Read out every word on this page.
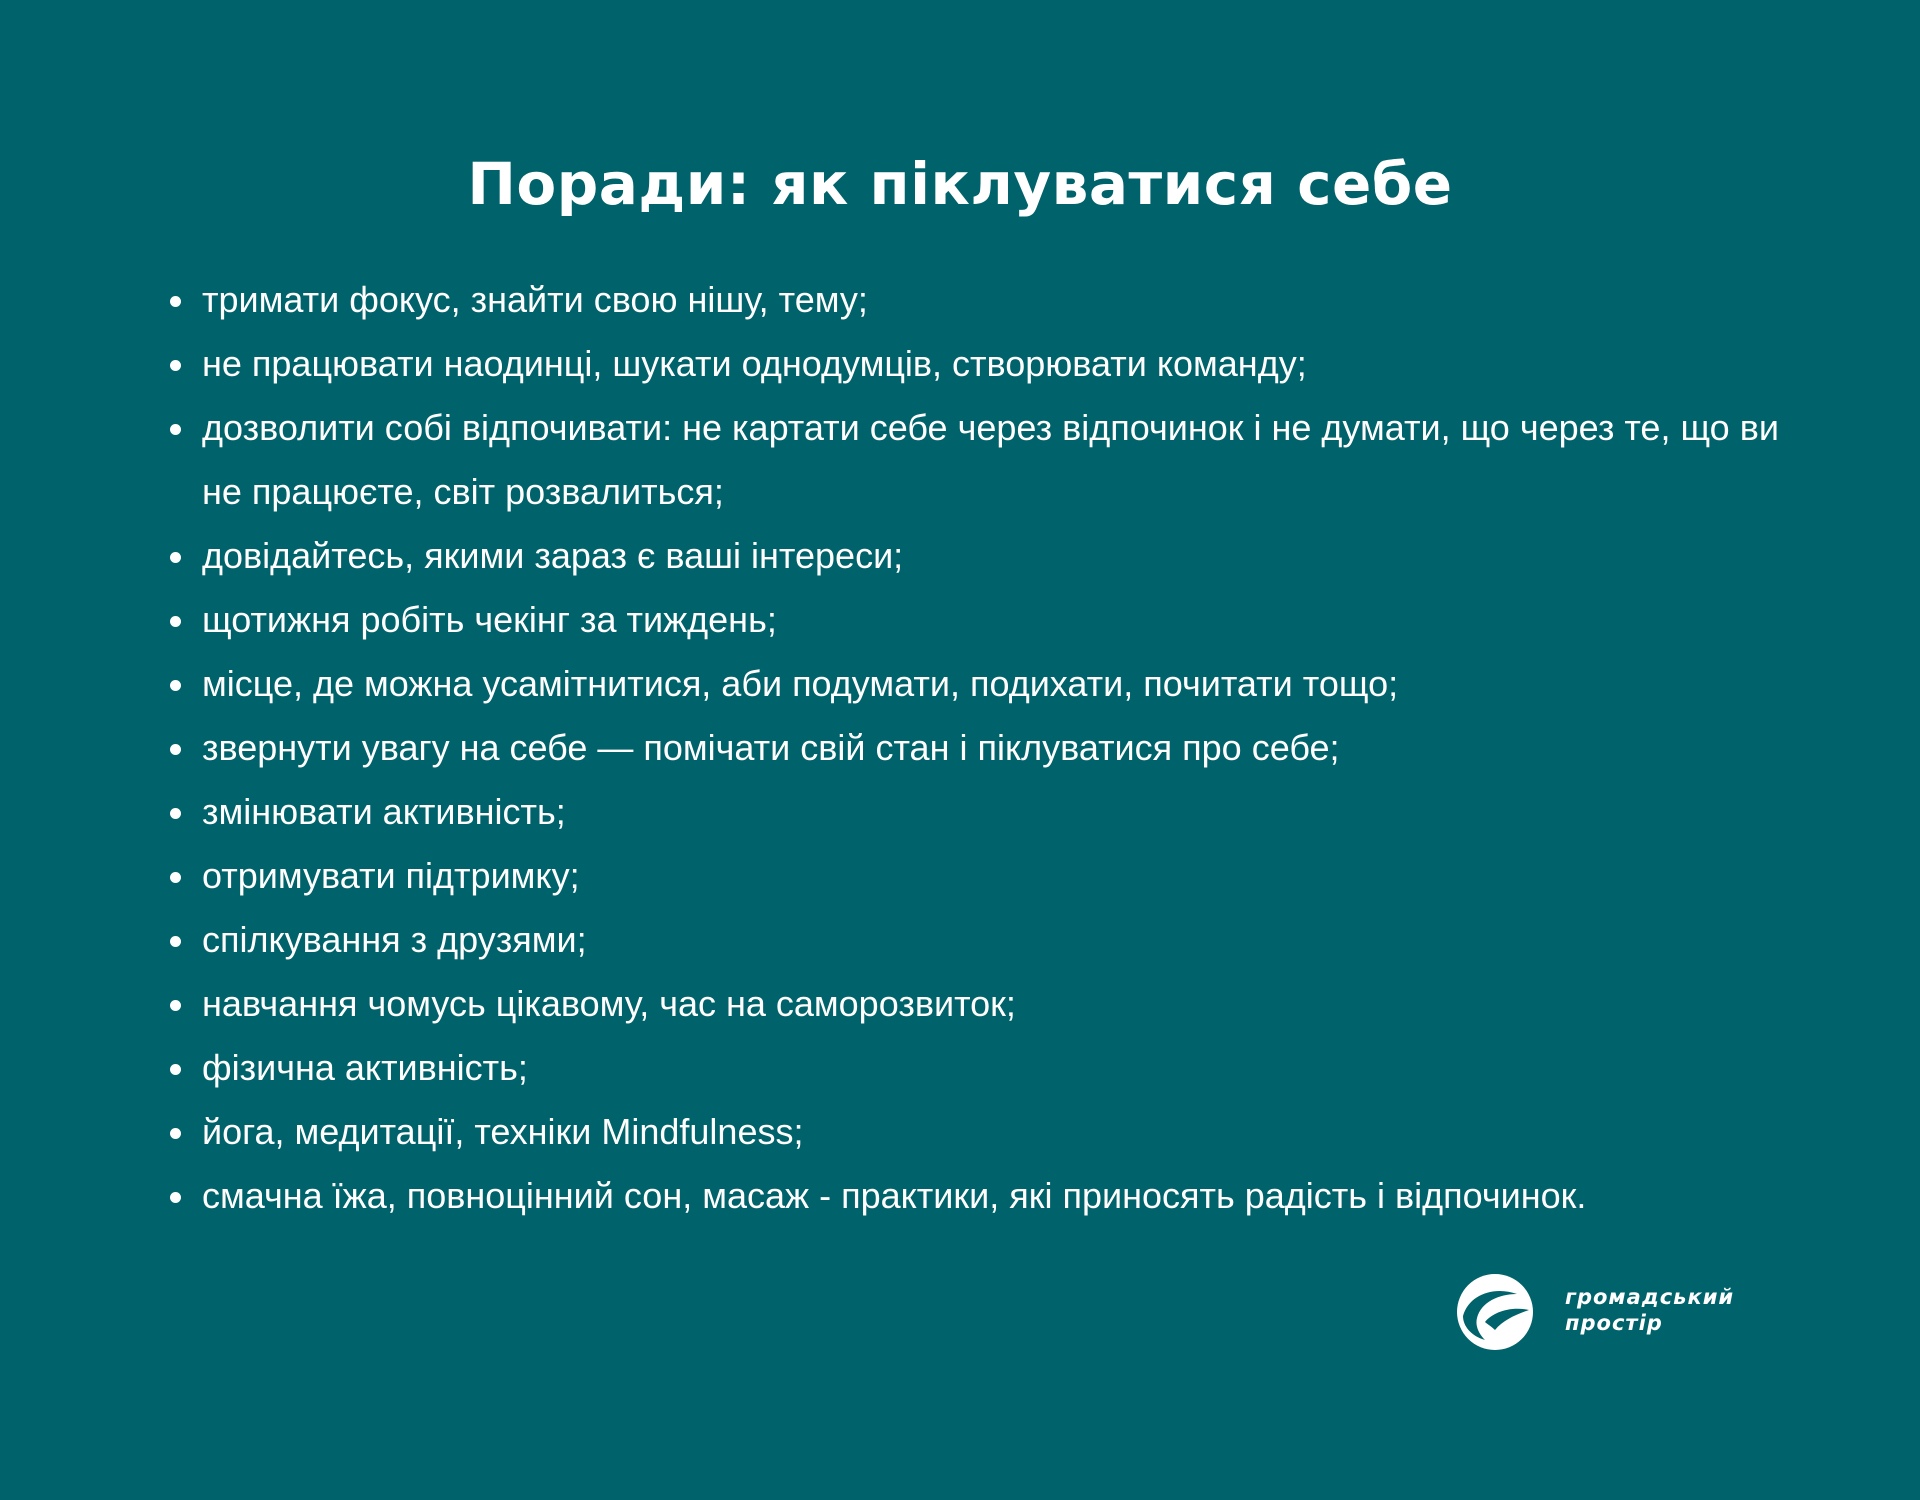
Поради: як піклуватися себе
тримати фокус, знайти свою нішу, тему;
не працювати наодинці, шукати однодумців, створювати команду;
дозволити собі відпочивати: не картати себе через відпочинок і не думати, що через те, що ви не працюєте, світ розвалиться;
довідайтесь, якими зараз є ваші інтереси;
щотижня робіть чекінг за тиждень;
місце, де можна усамітнитися, аби подумати, подихати, почитати тощо;
звернути увагу на себе — помічати свій стан і піклуватися про себе;
змінювати активність;
отримувати підтримку;
спілкування з друзями;
навчання чомусь цікавому, час на саморозвиток;
фізична активність;
йога, медитації, техніки Mindfulness;
смачна їжа, повноцінний сон, масаж - практики, які приносять радість і відпочинок.
громадський
простір
